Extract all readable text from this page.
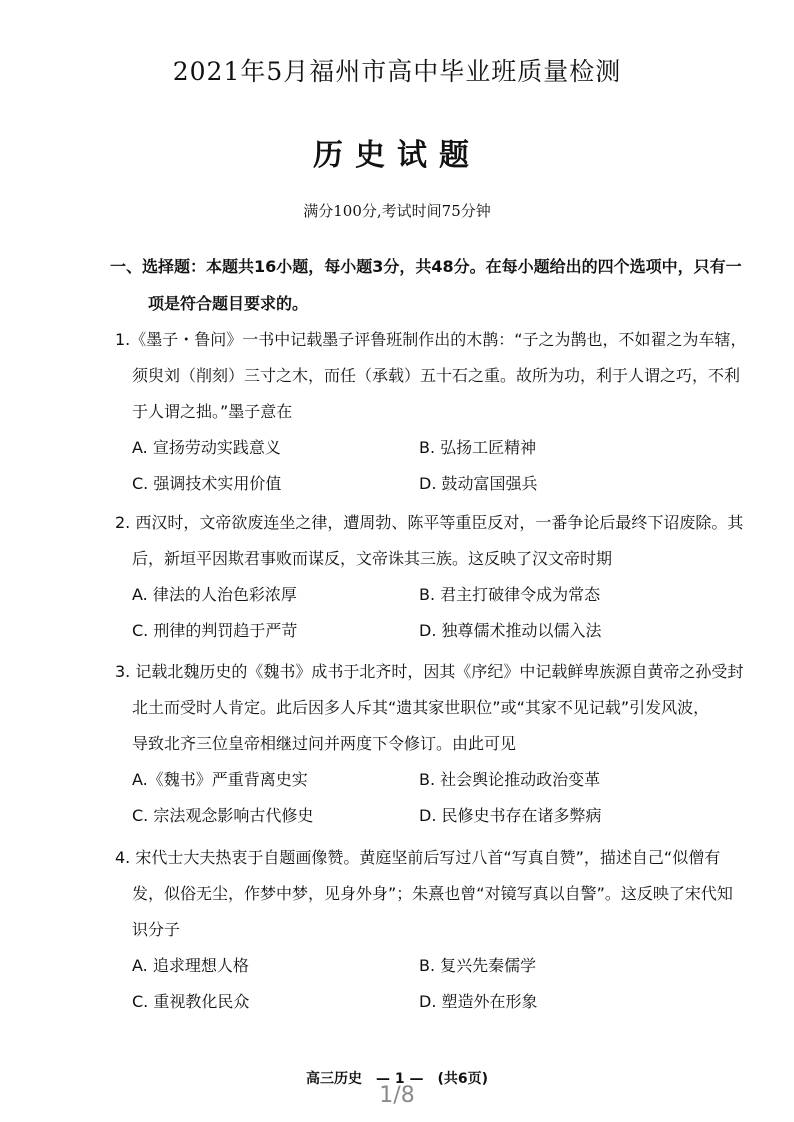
2021年5月福州市高中毕业班质量检测
历史试题
满分100分,考试时间75分钟
一、选择题：本题共16小题，每小题3分，共48分。在每小题给出的四个选项中，只有一
项是符合题目要求的。
1.《墨子・鲁问》一书中记载墨子评鲁班制作出的木鹊：“子之为鹊也，不如翟之为车辖，
须臾刘（削刻）三寸之木，而任（承载）五十石之重。故所为功，利于人谓之巧，不利
于人谓之拙。”墨子意在
A. 宣扬劳动实践意义	B. 弘扬工匠精神
C. 强调技术实用价值	D. 鼓动富国强兵
2. 西汉时，文帝欲废连坐之律，遭周勃、陈平等重臣反对，一番争论后最终下诏废除。其
后，新垣平因欺君事败而谋反，文帝诛其三族。这反映了汉文帝时期
A. 律法的人治色彩浓厚	B. 君主打破律令成为常态
C. 刑律的判罚趋于严苛	D. 独尊儒术推动以儒入法
3. 记载北魏历史的《魏书》成书于北齐时，因其《序纪》中记载鲜卑族源自黄帝之孙受封
北土而受时人肯定。此后因多人斥其“遗其家世职位”或“其家不见记载”引发风波，
导致北齐三位皇帝相继过问并两度下令修订。由此可见
A.《魏书》严重背离史实	B. 社会舆论推动政治变革
C. 宗法观念影响古代修史	D. 民修史书存在诸多弊病
4. 宋代士大夫热衷于自题画像赞。黄庭坚前后写过八首“写真自赞”，描述自己“似僧有
发，似俗无尘，作梦中梦，见身外身”；朱熹也曾“对镜写真以自警”。这反映了宋代知
识分子
A. 追求理想人格	B. 复兴先秦儒学
C. 重视教化民众	D. 塑造外在形象
高三历史　— 1 —　(共6页)
1/8
